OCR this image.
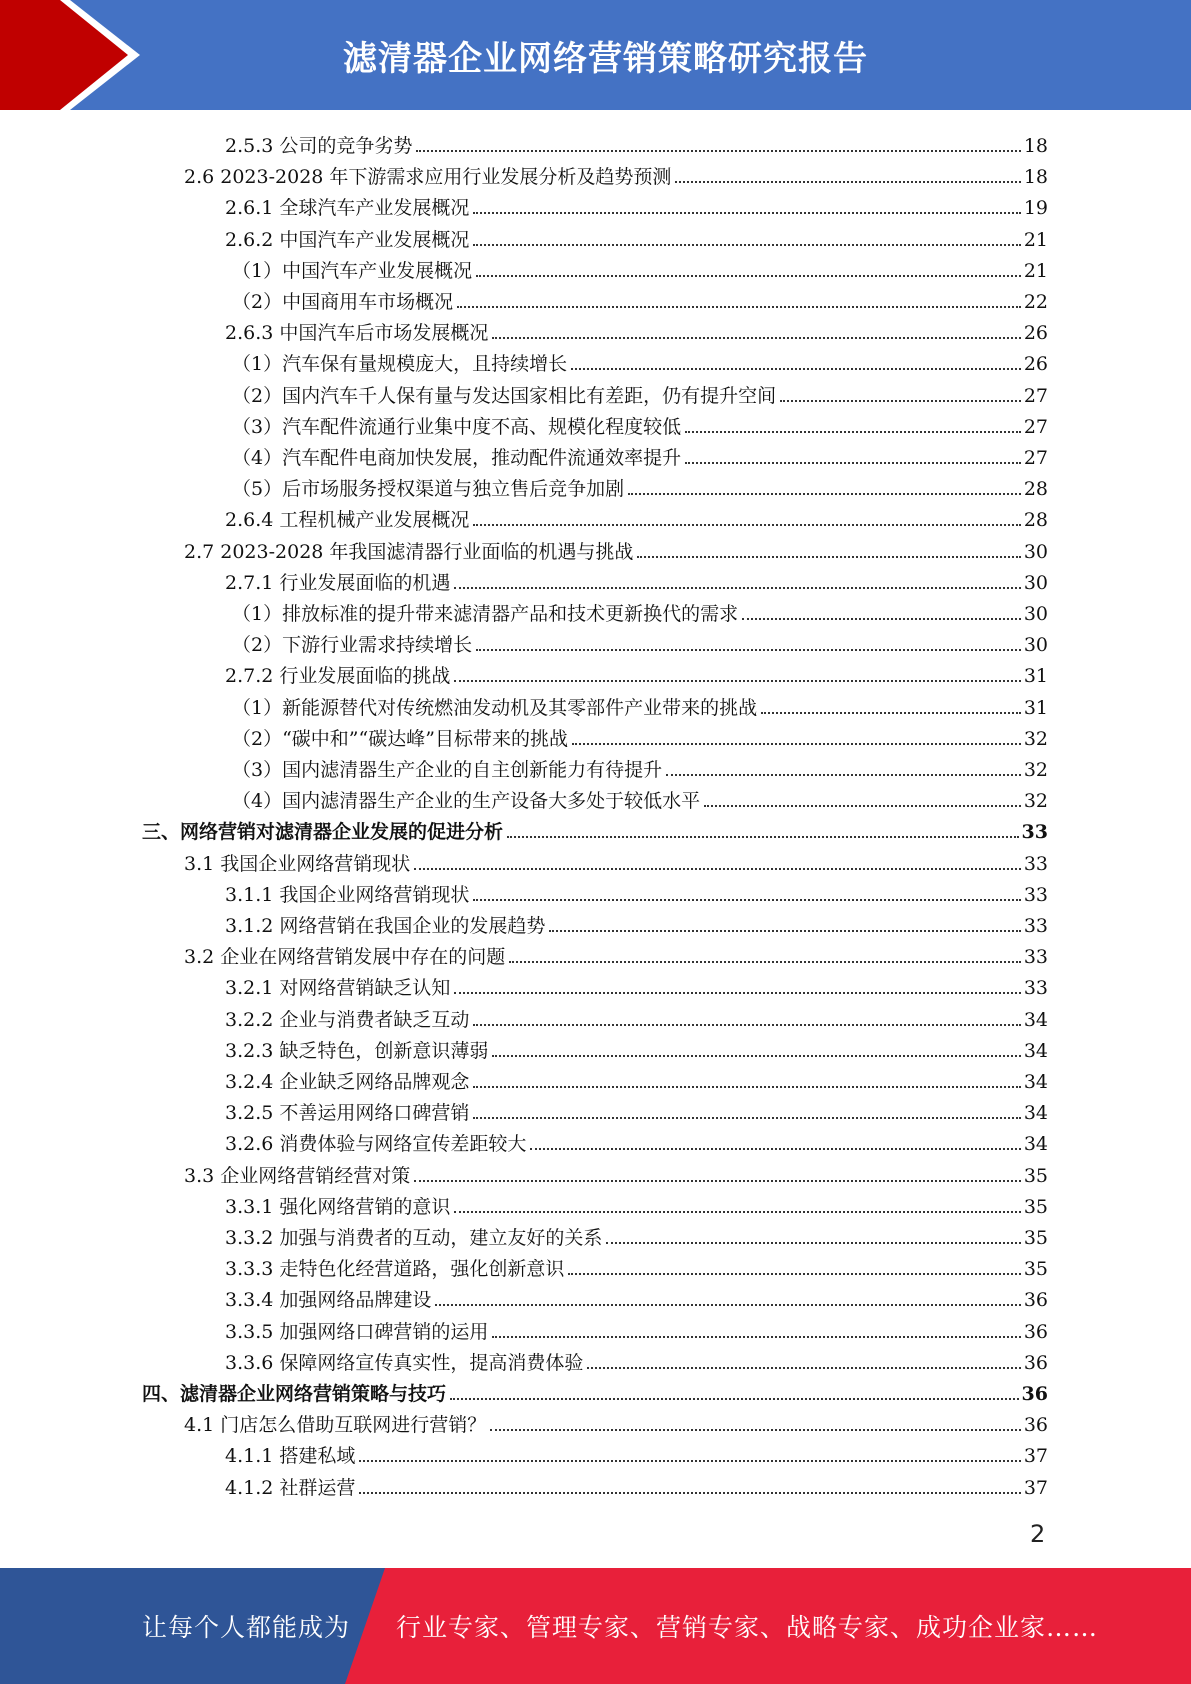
滤清器企业网络营销策略研究报告
2.5.3 公司的竞争劣势	18
2.6 2023-2028 年下游需求应用行业发展分析及趋势预测	18
2.6.1 全球汽车产业发展概况	19
2.6.2 中国汽车产业发展概况	21
（1）中国汽车产业发展概况	21
（2）中国商用车市场概况	22
2.6.3 中国汽车后市场发展概况	26
（1）汽车保有量规模庞大，且持续增长	26
（2）国内汽车千人保有量与发达国家相比有差距，仍有提升空间	27
（3）汽车配件流通行业集中度不高、规模化程度较低	27
（4）汽车配件电商加快发展，推动配件流通效率提升	27
（5）后市场服务授权渠道与独立售后竞争加剧	28
2.6.4 工程机械产业发展概况	28
2.7 2023-2028 年我国滤清器行业面临的机遇与挑战	30
2.7.1 行业发展面临的机遇	30
（1）排放标准的提升带来滤清器产品和技术更新换代的需求	30
（2）下游行业需求持续增长	30
2.7.2 行业发展面临的挑战	31
（1）新能源替代对传统燃油发动机及其零部件产业带来的挑战	31
（2）“碳中和”“碳达峰”目标带来的挑战	32
（3）国内滤清器生产企业的自主创新能力有待提升	32
（4）国内滤清器生产企业的生产设备大多处于较低水平	32
三、网络营销对滤清器企业发展的促进分析	33
3.1 我国企业网络营销现状	33
3.1.1 我国企业网络营销现状	33
3.1.2 网络营销在我国企业的发展趋势	33
3.2 企业在网络营销发展中存在的问题	33
3.2.1 对网络营销缺乏认知	33
3.2.2 企业与消费者缺乏互动	34
3.2.3 缺乏特色，创新意识薄弱	34
3.2.4 企业缺乏网络品牌观念	34
3.2.5 不善运用网络口碑营销	34
3.2.6 消费体验与网络宣传差距较大	34
3.3 企业网络营销经营对策	35
3.3.1 强化网络营销的意识	35
3.3.2 加强与消费者的互动，建立友好的关系	35
3.3.3 走特色化经营道路，强化创新意识	35
3.3.4 加强网络品牌建设	36
3.3.5 加强网络口碑营销的运用	36
3.3.6 保障网络宣传真实性，提高消费体验	36
四、滤清器企业网络营销策略与技巧	36
4.1 门店怎么借助互联网进行营销？	36
4.1.1 搭建私域	37
4.1.2 社群运营	37
2
让每个人都能成为 行业专家、管理专家、营销专家、战略专家、成功企业家……
